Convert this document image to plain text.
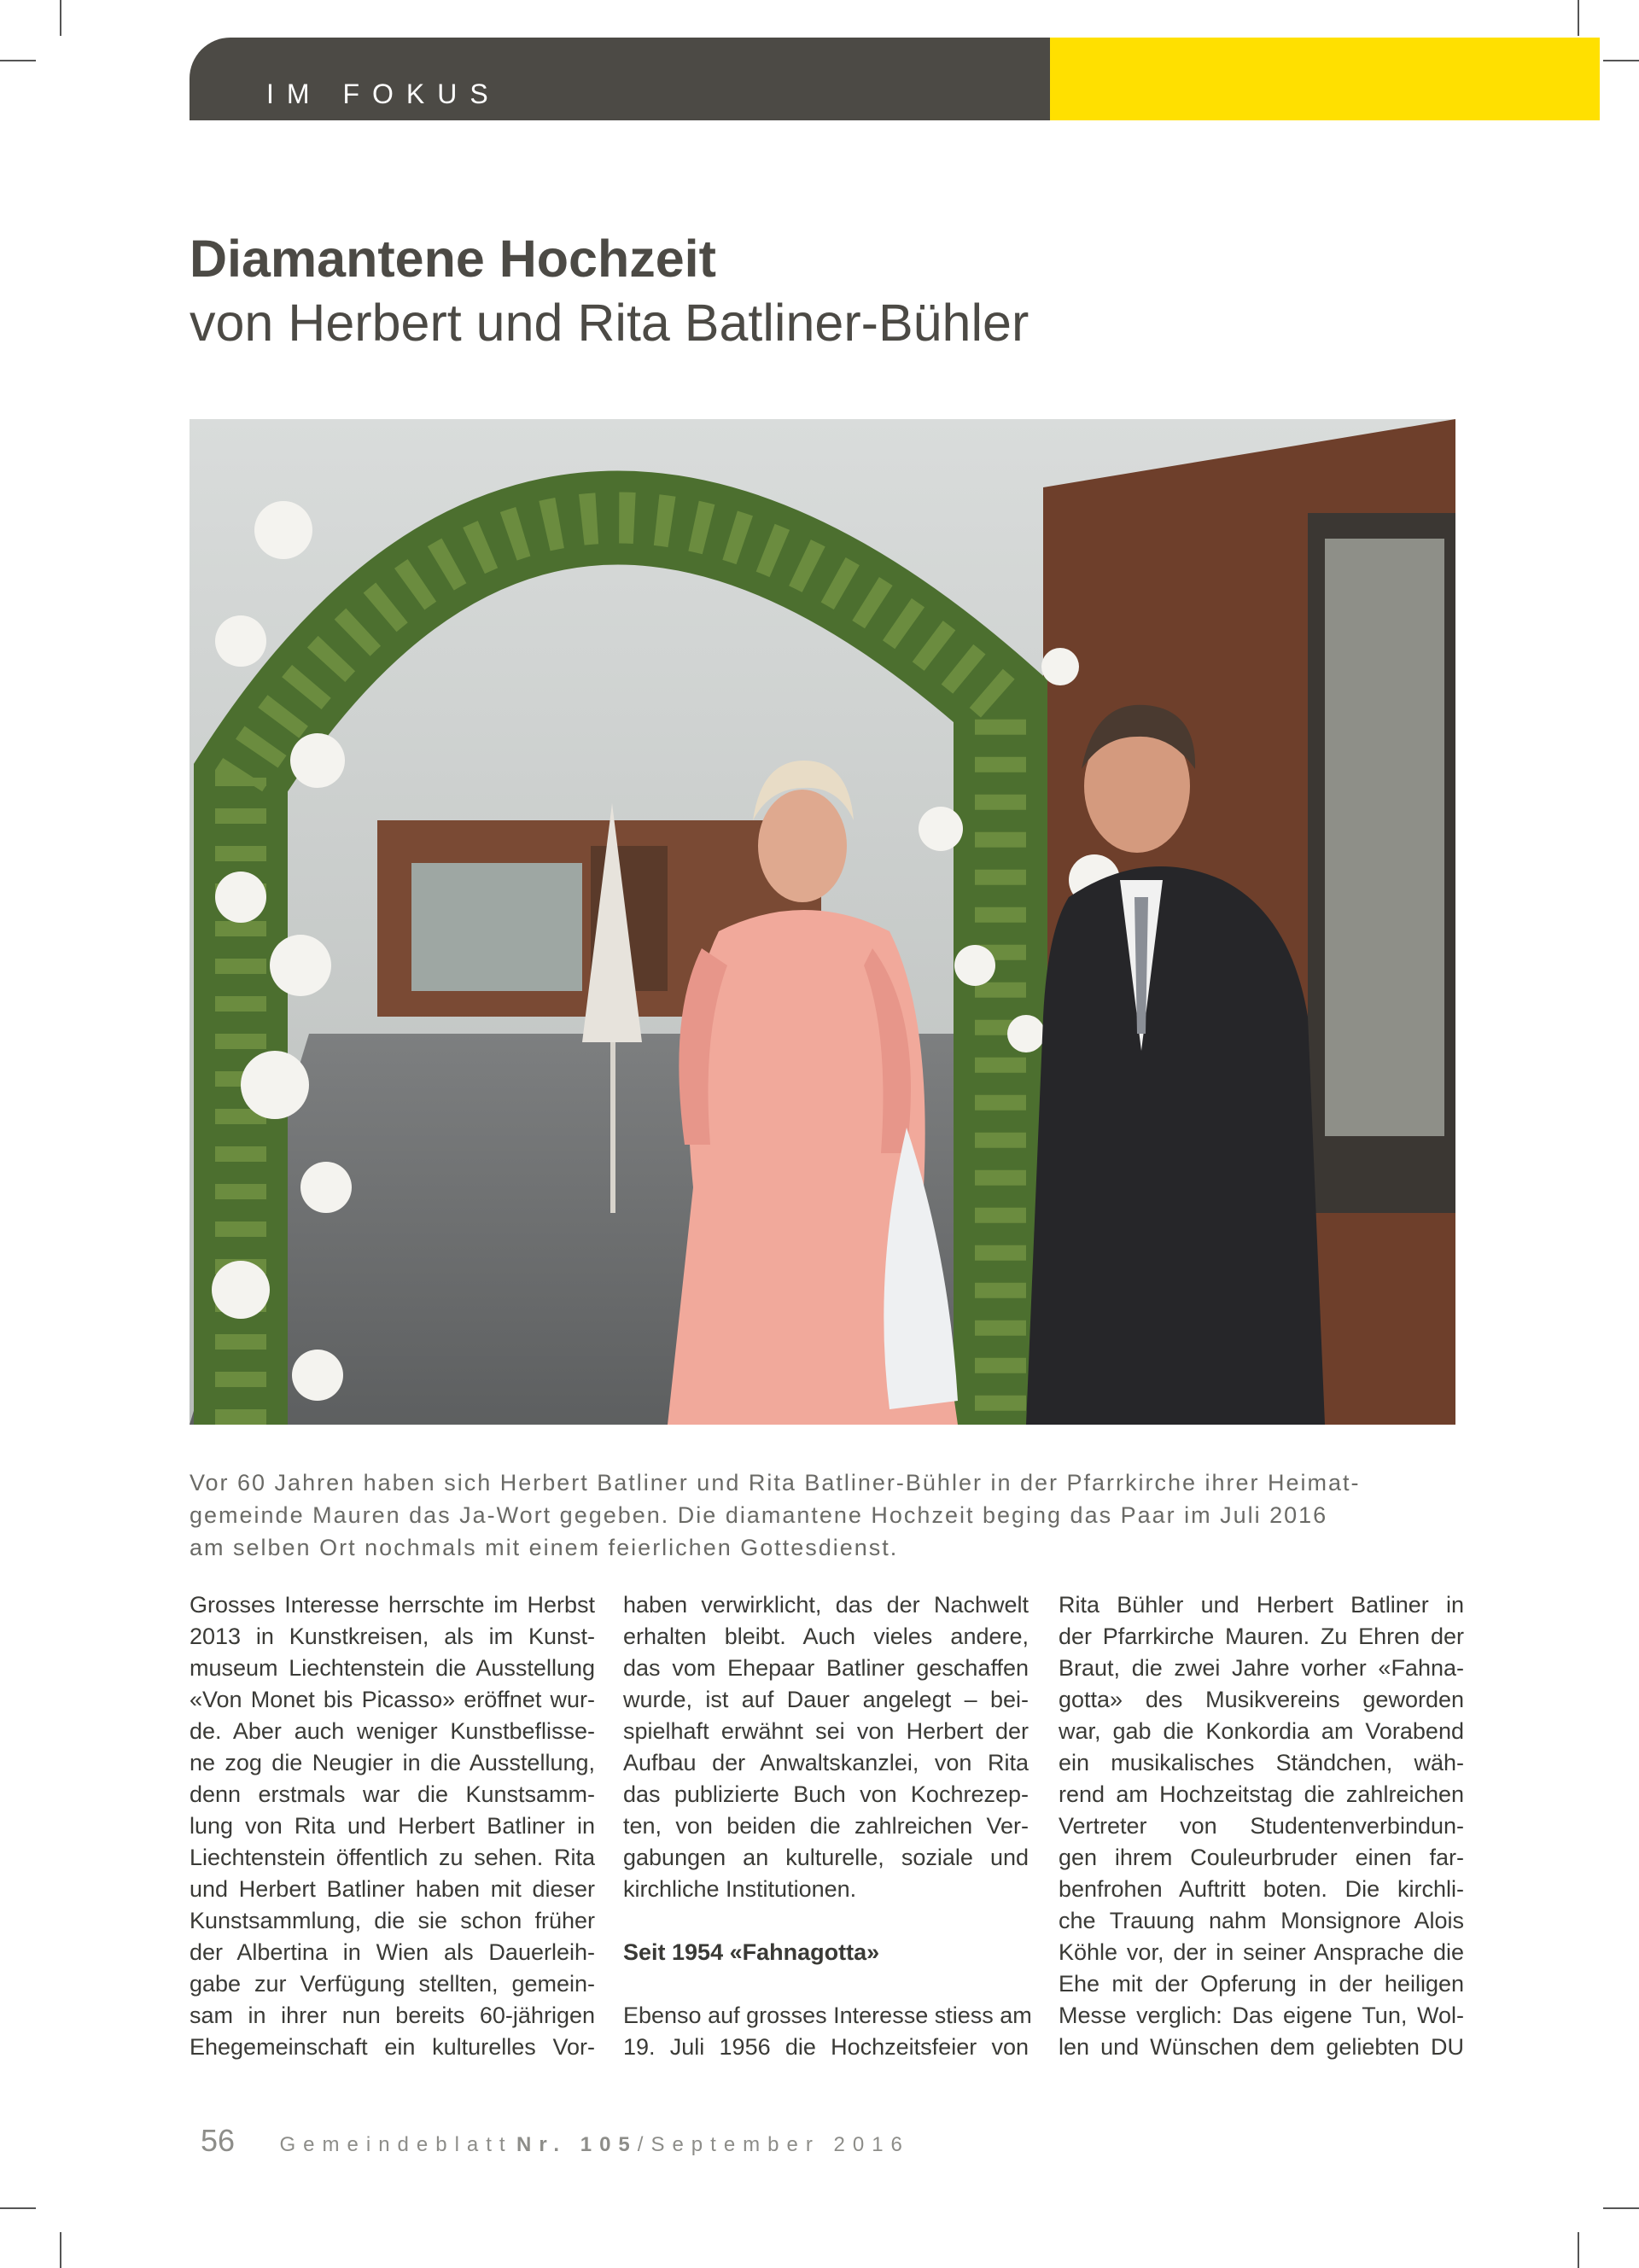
IM FOKUS
Diamantene Hochzeit
von Herbert und Rita Batliner-Bühler
Vor 60 Jahren haben sich Herbert Batliner und Rita Batliner-Bühler in der Pfarrkirche ihrer Heimat-
gemeinde Mauren das Ja-Wort gegeben. Die diamantene Hochzeit beging das Paar im Juli 2016
am selben Ort nochmals mit einem feierlichen Gottesdienst.
Grosses Interesse herrschte im Herbst
2013 in Kunstkreisen, als im Kunst-
museum Liechtenstein die Ausstellung
«Von Monet bis Picasso» eröffnet wur-
de. Aber auch weniger Kunstbeflisse-
ne zog die Neugier in die Ausstellung,
denn erstmals war die Kunstsamm-
lung von Rita und Herbert Batliner in
Liechtenstein öffentlich zu sehen. Rita
und Herbert Batliner haben mit dieser
Kunstsammlung, die sie schon früher
der Albertina in Wien als Dauerleih-
gabe zur Verfügung stellten, gemein-
sam in ihrer nun bereits 60-jährigen
Ehegemeinschaft ein kulturelles Vor-
haben verwirklicht, das der Nachwelt
erhalten bleibt. Auch vieles andere,
das vom Ehepaar Batliner geschaffen
wurde, ist auf Dauer angelegt – bei-
spielhaft erwähnt sei von Herbert der
Aufbau der Anwaltskanzlei, von Rita
das publizierte Buch von Kochrezep-
ten, von beiden die zahlreichen Ver-
gabungen an kulturelle, soziale und
kirchliche Institutionen.
Seit 1954 «Fahnagotta»
Ebenso auf grosses Interesse stiess am
19. Juli 1956 die Hochzeitsfeier von
Rita Bühler und Herbert Batliner in
der Pfarrkirche Mauren. Zu Ehren der
Braut, die zwei Jahre vorher «Fahna-
gotta» des Musikvereins geworden
war, gab die Konkordia am Vorabend
ein musikalisches Ständchen, wäh-
rend am Hochzeitstag die zahlreichen
Vertreter von Studentenverbindun-
gen ihrem Couleurbruder einen far-
benfrohen Auftritt boten. Die kirchli-
che Trauung nahm Monsignore Alois
Köhle vor, der in seiner Ansprache die
Ehe mit der Opferung in der heiligen
Messe verglich: Das eigene Tun, Wol-
len und Wünschen dem geliebten DU
56 Gemeindeblatt Nr. 105/September 2016
